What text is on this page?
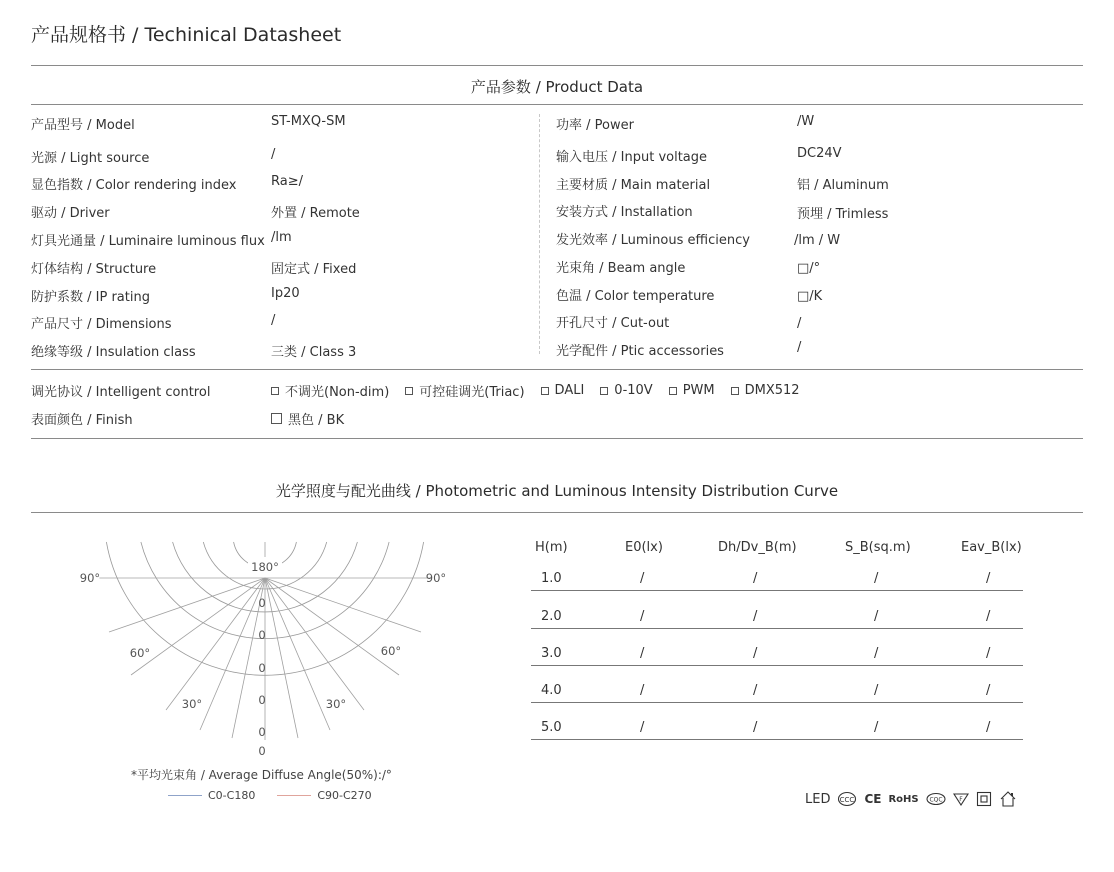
产品规格书 / Techinical Datasheet
产品参数 / Product Data
产品型号 / Model	ST-MXQ-SM
光源 / Light source	/
显色指数 / Color rendering index	Ra≥/
驱动 / Driver	外置 / Remote
灯具光通量 / Luminaire luminous flux /lm
灯体结构 / Structure	固定式 / Fixed
防护系数 / IP rating	Ip20
产品尺寸 / Dimensions	/
绝缘等级 / Insulation class	三类 / Class 3
功率 / Power	/W
输入电压 / Input voltage	DC24V
主要材质 / Main material	铝 / Aluminum
安装方式 / Installation	预埋 / Trimless
发光效率 / Luminous efficiency	/lm / W
光束角 / Beam angle	□/°
色温 / Color temperature	□/K
开孔尺寸 / Cut-out	/
光学配件 / Ptic accessories	/
调光协议 / Intelligent control	不调光(Non-dim) 可控硅调光(Triac) DALI 0-10V PWM DMX512
表面颜色 / Finish	黑色 / BK
光学照度与配光曲线 / Photometric and Luminous Intensity Distribution Curve
180°
90°	90°
60°	60°
30°	30°
0
0
0
0
0
0
*平均光束角 / Average Diffuse Angle(50%):/°
C0-C180	C90-C270
H(m)	E0(lx)	Dh/Dv_B(m)	S_B(sq.m)	Eav_B(lx)
1.0	/	/	/	/
2.0	/	/	/	/
3.0	/	/	/	/
4.0	/	/	/	/
5.0	/	/	/	/
LED CCC CE RoHS CQC	F
